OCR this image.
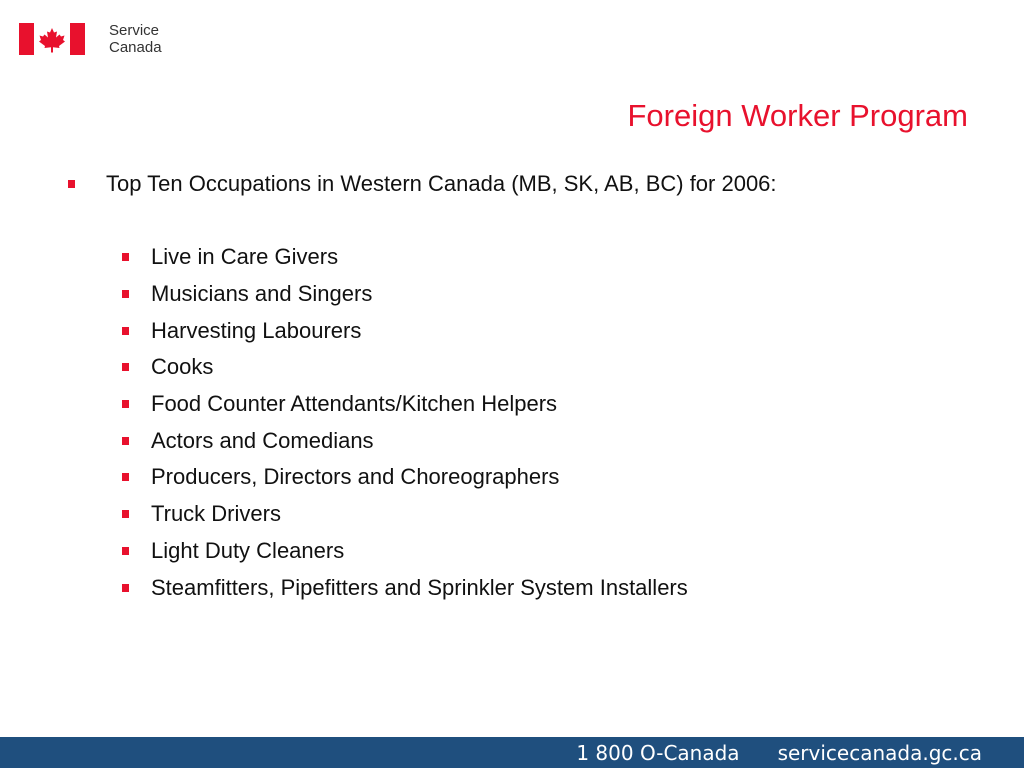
Service
Canada
Foreign Worker Program
Top Ten Occupations in Western Canada (MB, SK, AB, BC) for 2006:
Live in Care Givers
Musicians and Singers
Harvesting Labourers
Cooks
Food Counter Attendants/Kitchen Helpers
Actors and Comedians
Producers, Directors and Choreographers
Truck Drivers
Light Duty Cleaners
Steamfitters, Pipefitters and Sprinkler System Installers
1 800 O-Canada servicecanada.gc.ca
